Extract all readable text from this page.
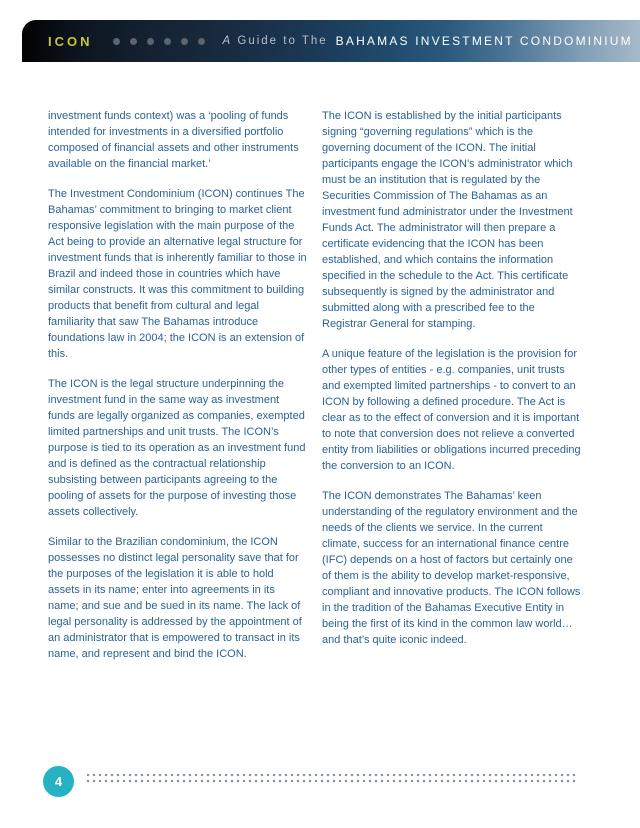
ICON	A Guide to The BAHAMAS INVESTMENT CONDOMINIUM

investment funds context) was a ‘pooling of funds intended for investments in a diversified portfolio composed of financial assets and other instruments available on the financial market.’

The Investment Condominium (ICON) continues The Bahamas’ commitment to bringing to market client responsive legislation with the main purpose of the Act being to provide an alternative legal structure for investment funds that is inherently familiar to those in Brazil and indeed those in countries which have similar constructs. It was this commitment to building products that benefit from cultural and legal familiarity that saw The Bahamas introduce foundations law in 2004; the ICON is an extension of this.

The ICON is the legal structure underpinning the investment fund in the same way as investment funds are legally organized as companies, exempted limited partnerships and unit trusts. The ICON’s purpose is tied to its operation as an investment fund and is defined as the contractual relationship subsisting between participants agreeing to the pooling of assets for the purpose of investing those assets collectively.

Similar to the Brazilian condominium, the ICON possesses no distinct legal personality save that for the purposes of the legislation it is able to hold assets in its name; enter into agreements in its name; and sue and be sued in its name. The lack of legal personality is addressed by the appointment of an administrator that is empowered to transact in its name, and represent and bind the ICON.

The ICON is established by the initial participants signing “governing regulations” which is the governing document of the ICON. The initial participants engage the ICON’s administrator which must be an institution that is regulated by the Securities Commission of The Bahamas as an investment fund administrator under the Investment Funds Act. The administrator will then prepare a certificate evidencing that the ICON has been established, and which contains the information specified in the schedule to the Act. This certificate subsequently is signed by the administrator and submitted along with a prescribed fee to the Registrar General for stamping.

A unique feature of the legislation is the provision for other types of entities - e.g. companies, unit trusts and exempted limited partnerships - to convert to an ICON by following a defined procedure. The Act is clear as to the effect of conversion and it is important to note that conversion does not relieve a converted entity from liabilities or obligations incurred preceding the conversion to an ICON.

The ICON demonstrates The Bahamas’ keen understanding of the regulatory environment and the needs of the clients we service. In the current climate, success for an international finance centre (IFC) depends on a host of factors but certainly one of them is the ability to develop market-responsive, compliant and innovative products. The ICON follows in the tradition of the Bahamas Executive Entity in being the first of its kind in the common law world… and that’s quite iconic indeed.

4
